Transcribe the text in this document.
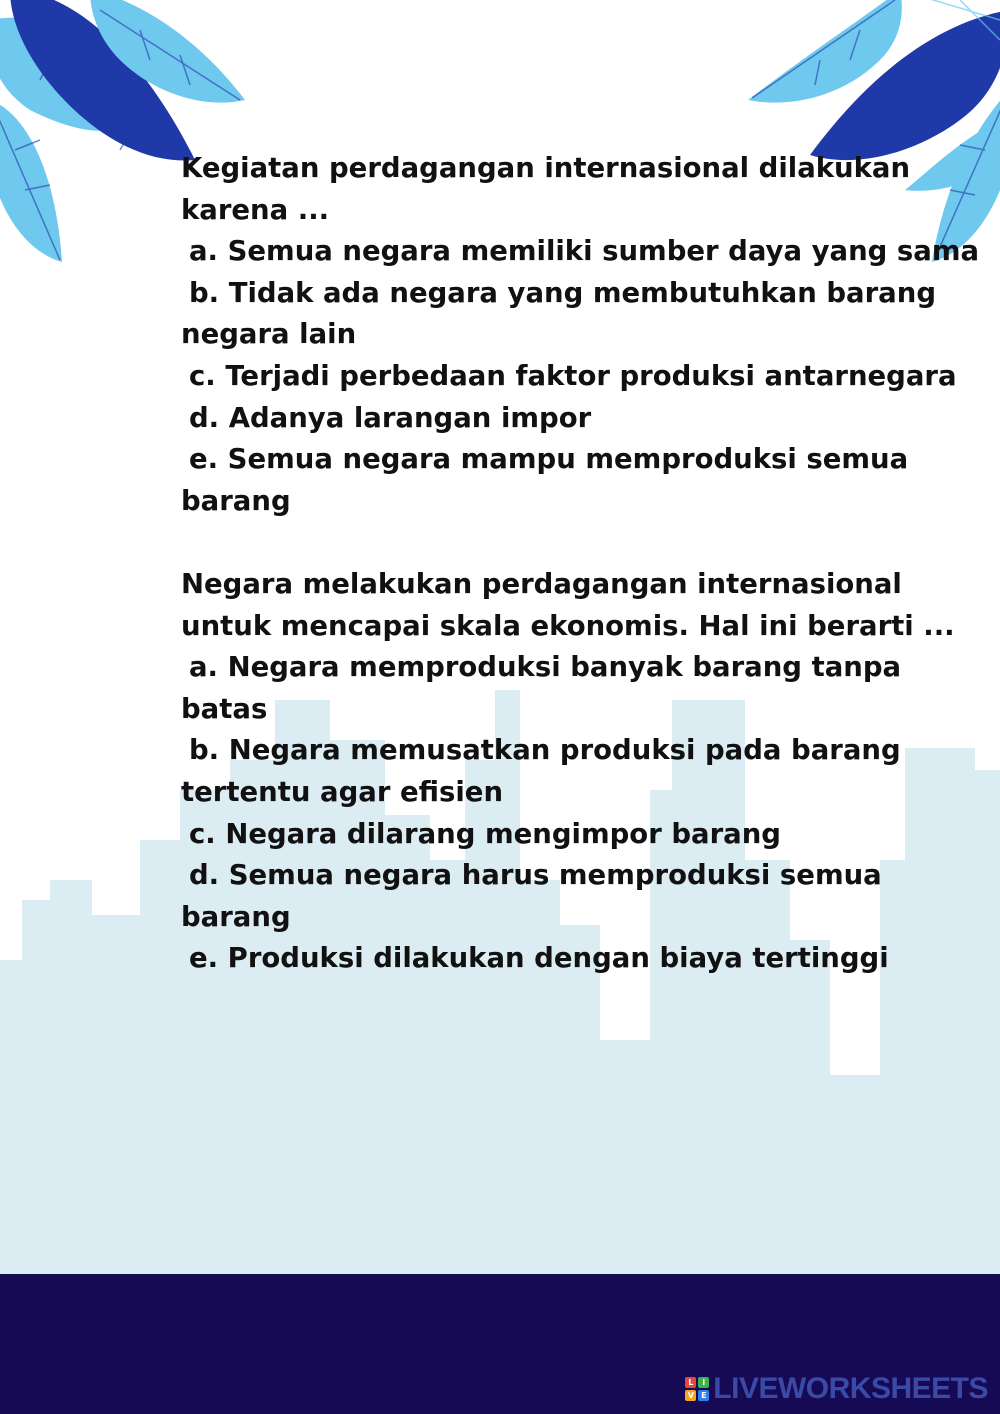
Kegiatan perdagangan internasional dilakukan
karena ...
a. Semua negara memiliki sumber daya yang sama
b. Tidak ada negara yang membutuhkan barang
negara lain
c. Terjadi perbedaan faktor produksi antarnegara
d. Adanya larangan impor
e. Semua negara mampu memproduksi semua
barang
Negara melakukan perdagangan internasional
untuk mencapai skala ekonomis. Hal ini berarti ...
a. Negara memproduksi banyak barang tanpa
batas
b. Negara memusatkan produksi pada barang
tertentu agar efisien
c. Negara dilarang mengimpor barang
d. Semua negara harus memproduksi semua
barang
e. Produksi dilakukan dengan biaya tertinggi
L	I
V E LIVEWORKSHEETS
